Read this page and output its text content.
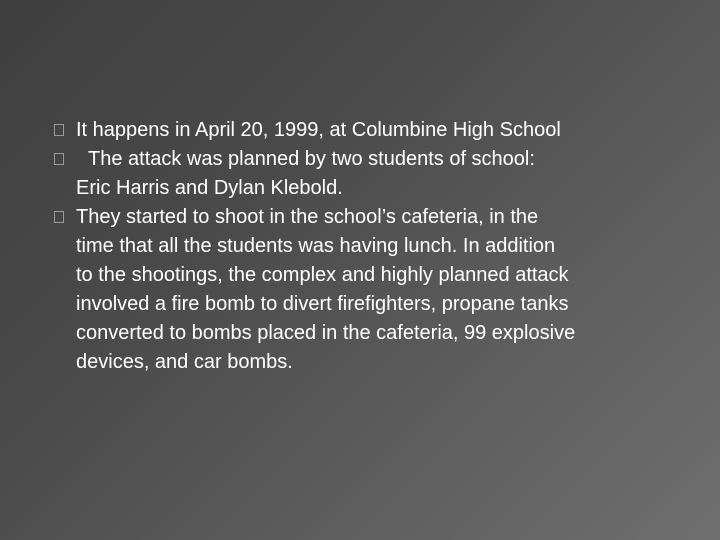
It happens in April 20, 1999, at Columbine High School
The attack was planned by two students of school:
Eric Harris and Dylan Klebold.
They started to shoot in the school’s cafeteria, in the
time that all the students was having lunch. In addition
to the shootings, the complex and highly planned attack
involved a fire bomb to divert firefighters, propane tanks
converted to bombs placed in the cafeteria, 99 explosive
devices, and car bombs.
